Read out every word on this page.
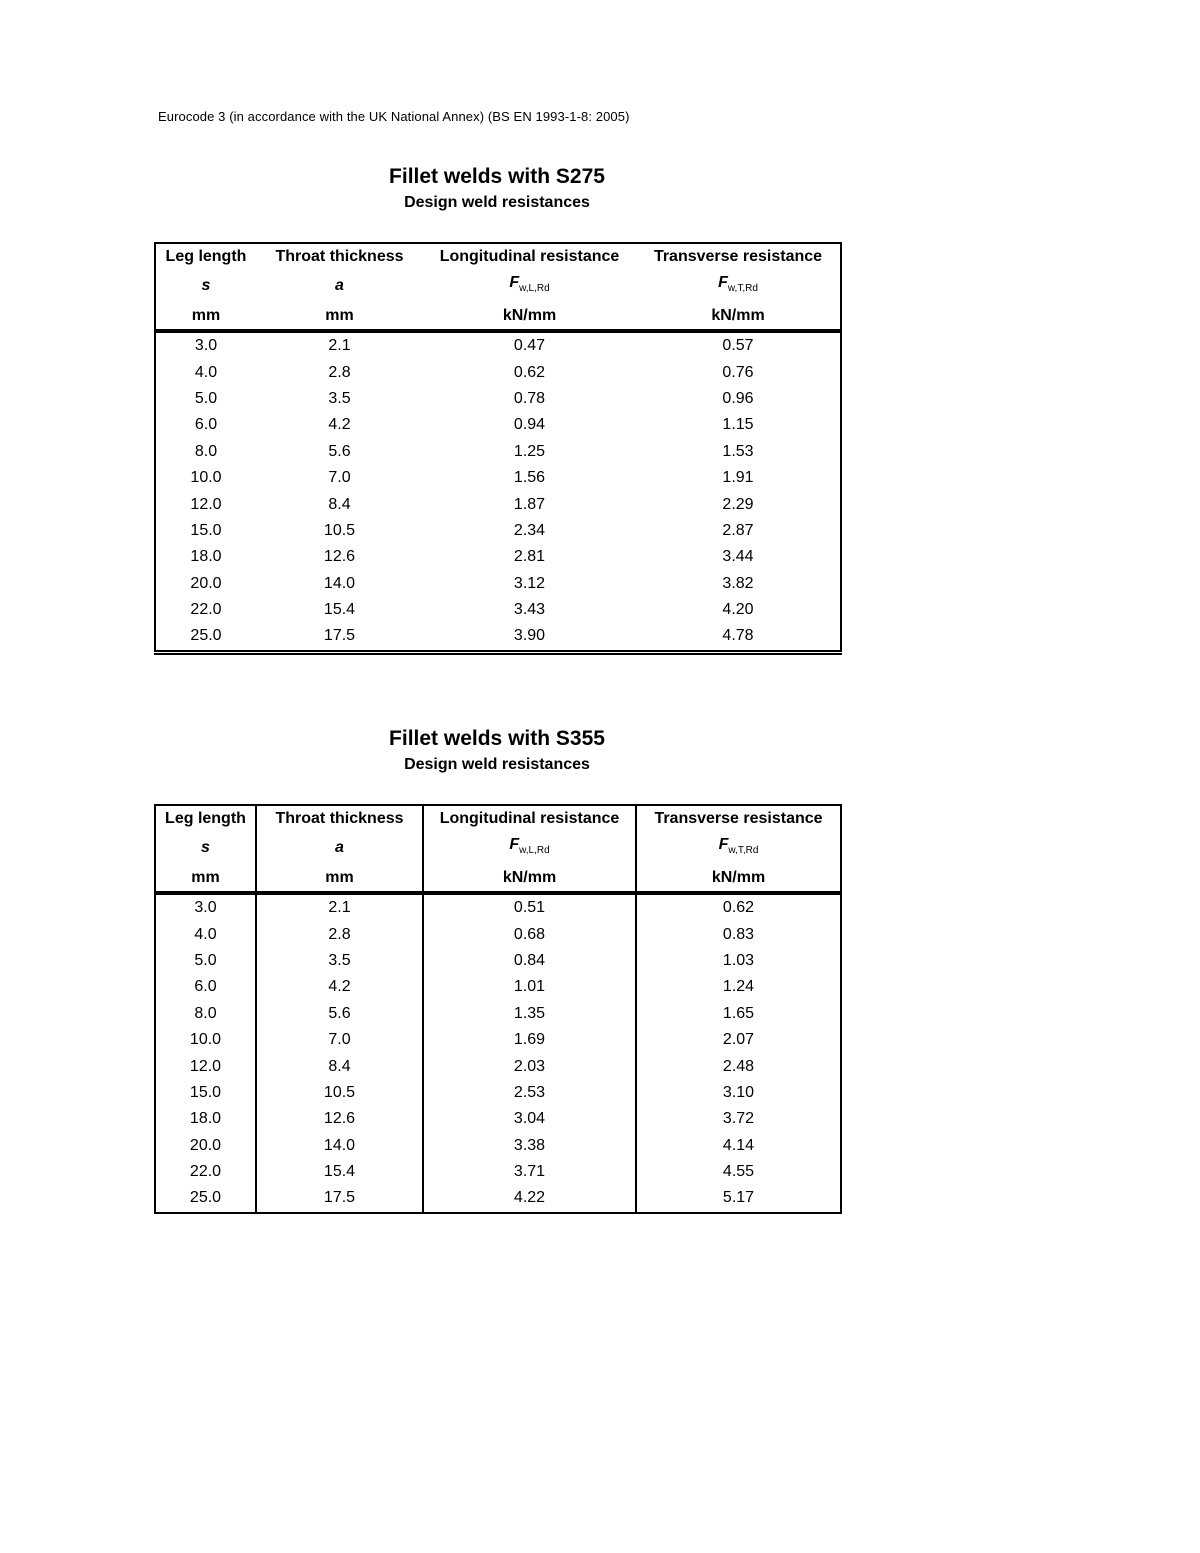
Eurocode 3 (in accordance with the UK National Annex) (BS EN 1993-1-8: 2005)
Fillet welds with S275
Design weld resistances
Leg length	Throat thickness	Longitudinal resistance	Transverse resistance
s	a	$F_{w,L,Rd}$	$F_{w,T,Rd}$
mm	mm	kN/mm	kN/mm
3.0	2.1	0.47	0.57
4.0	2.8	0.62	0.76
5.0	3.5	0.78	0.96
6.0	4.2	0.94	1.15
8.0	5.6	1.25	1.53
10.0	7.0	1.56	1.91
12.0	8.4	1.87	2.29
15.0	10.5	2.34	2.87
18.0	12.6	2.81	3.44
20.0	14.0	3.12	3.82
22.0	15.4	3.43	4.20
25.0	17.5	3.90	4.78
Fillet welds with S355
Design weld resistances
Leg length	Throat thickness	Longitudinal resistance	Transverse resistance
s	a	$F_{w,L,Rd}$	$F_{w,T,Rd}$
mm	mm	kN/mm	kN/mm
3.0	2.1	0.51	0.62
4.0	2.8	0.68	0.83
5.0	3.5	0.84	1.03
6.0	4.2	1.01	1.24
8.0	5.6	1.35	1.65
10.0	7.0	1.69	2.07
12.0	8.4	2.03	2.48
15.0	10.5	2.53	3.10
18.0	12.6	3.04	3.72
20.0	14.0	3.38	4.14
22.0	15.4	3.71	4.55
25.0	17.5	4.22	5.17
